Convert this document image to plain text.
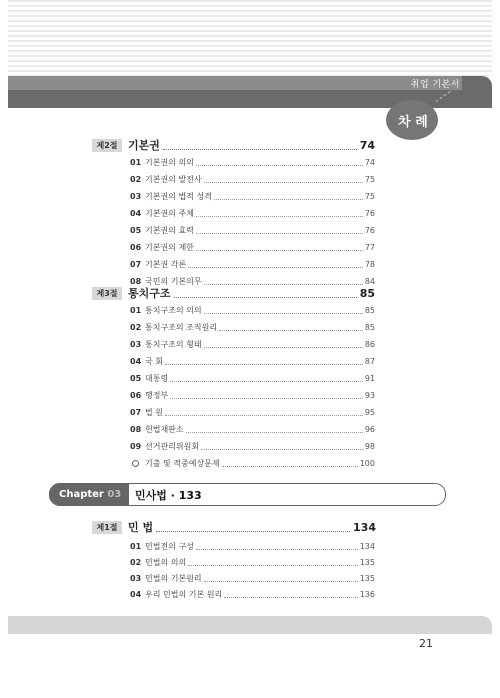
취업 기본서
차 례
제2절 기본권	74
01 기본권의 의의	74
02 기본권의 발전사	75
03 기본권의 법적 성격	75
04 기본권의 주체	76
05 기본권의 효력	76
06 기본권의 제한	77
07 기본권 각론	78
08 국민의 기본의무	84
제3절 통치구조	85
01 통치구조의 의의	85
02 통치구조의 조직원리	85
03 통치구조의 형태	86
04 국 회	87
05 대통령	91
06 행정부	93
07 법 원	95
08 헌법재판소	96
09 선거관리위원회	98
기출 및 적중예상문제	100
Chapter 03	민사법 · 133
제1절 민 법	134
01 민법전의 구성	134
02 민법의 의의	135
03 민법의 기본원리	135
04 우리 민법의 기본 원리	136
21
